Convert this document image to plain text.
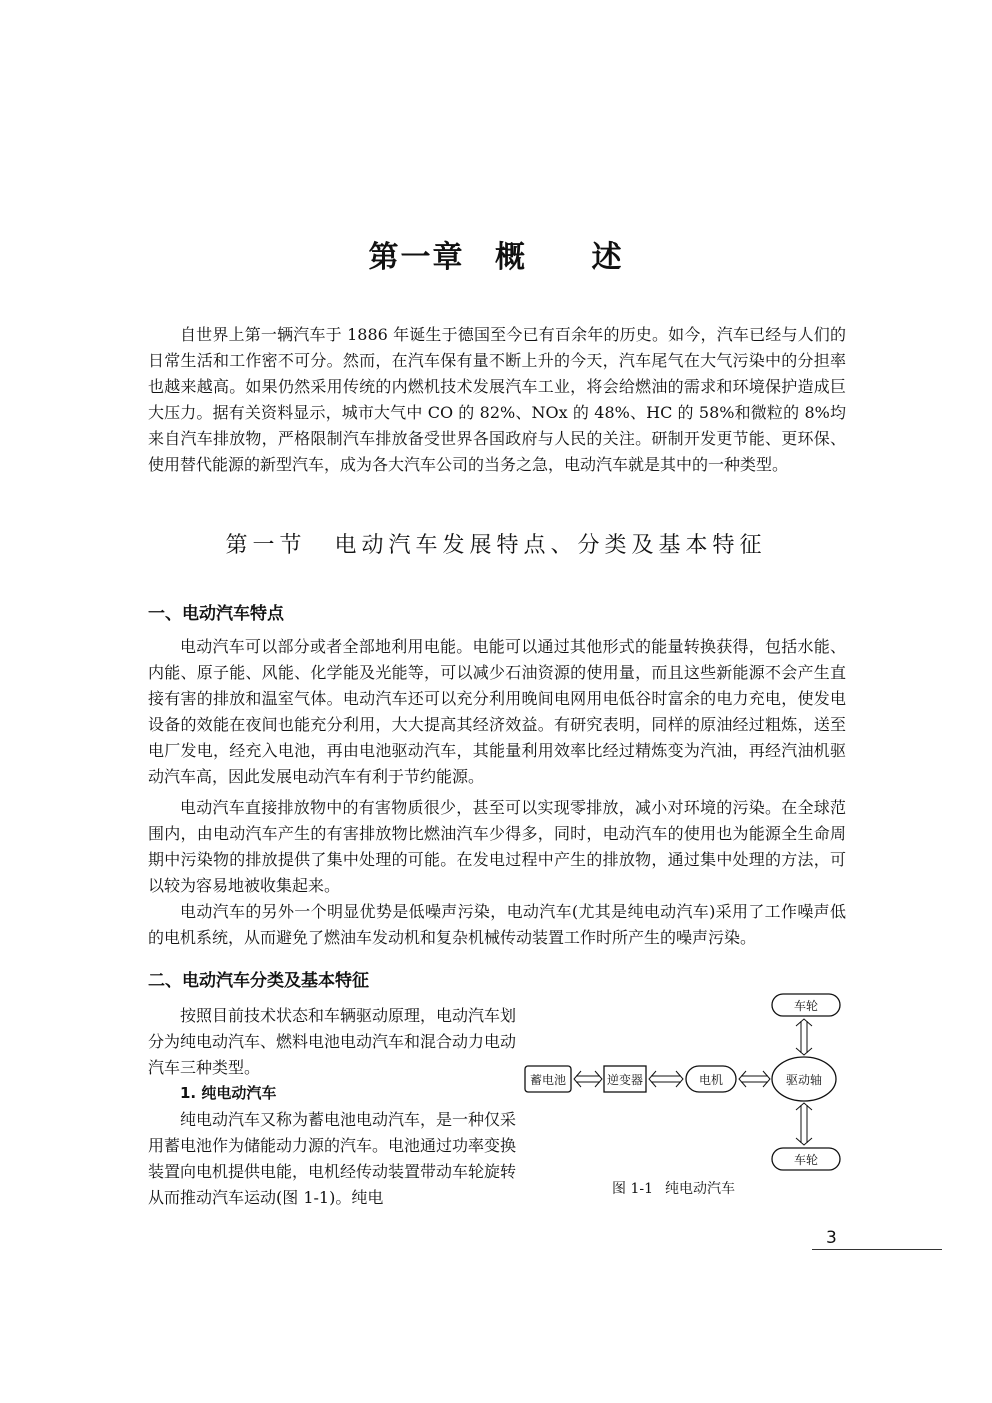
第一章 概 述

自世界上第一辆汽车于 1886 年诞生于德国至今已有百余年的历史。如今，汽车已经与人们的日常生活和工作密不可分。然而，在汽车保有量不断上升的今天，汽车尾气在大气污染中的分担率也越来越高。如果仍然采用传统的内燃机技术发展汽车工业，将会给燃油的需求和环境保护造成巨大压力。据有关资料显示，城市大气中 CO 的 82%、NOx 的 48%、HC 的 58%和微粒的 8%均来自汽车排放物，严格限制汽车排放备受世界各国政府与人民的关注。研制开发更节能、更环保、使用替代能源的新型汽车，成为各大汽车公司的当务之急，电动汽车就是其中的一种类型。

第一节 电动汽车发展特点、分类及基本特征
一、电动汽车特点

电动汽车可以部分或者全部地利用电能。电能可以通过其他形式的能量转换获得，包括水能、内能、原子能、风能、化学能及光能等，可以减少石油资源的使用量，而且这些新能源不会产生直接有害的排放和温室气体。电动汽车还可以充分利用晚间电网用电低谷时富余的电力充电，使发电设备的效能在夜间也能充分利用，大大提高其经济效益。有研究表明，同样的原油经过粗炼，送至电厂发电，经充入电池，再由电池驱动汽车，其能量利用效率比经过精炼变为汽油，再经汽油机驱动汽车高，因此发展电动汽车有利于节约能源。

电动汽车直接排放物中的有害物质很少，甚至可以实现零排放，减小对环境的污染。在全球范围内，由电动汽车产生的有害排放物比燃油汽车少得多，同时，电动汽车的使用也为能源全生命周期中污染物的排放提供了集中处理的可能。在发电过程中产生的排放物，通过集中处理的方法，可以较为容易地被收集起来。

电动汽车的另外一个明显优势是低噪声污染，电动汽车(尤其是纯电动汽车)采用了工作噪声低的电机系统，从而避免了燃油车发动机和复杂机械传动装置工作时所产生的噪声污染。

二、电动汽车分类及基本特征

按照目前技术状态和车辆驱动原理，电动汽车划分为纯电动汽车、燃料电池电动汽车和混合动力电动汽车三种类型。

1. 纯电动汽车

纯电动汽车又称为蓄电池电动汽车，是一种仅采用蓄电池作为储能动力源的汽车。电池通过功率变换装置向电机提供电能，电机经传动装置带动车轮旋转从而推动汽车运动(图 1-1)。纯电

蓄电池	逆变器	电机	驱动轴
车轮
车轮
图 1-1 纯电动汽车
3
